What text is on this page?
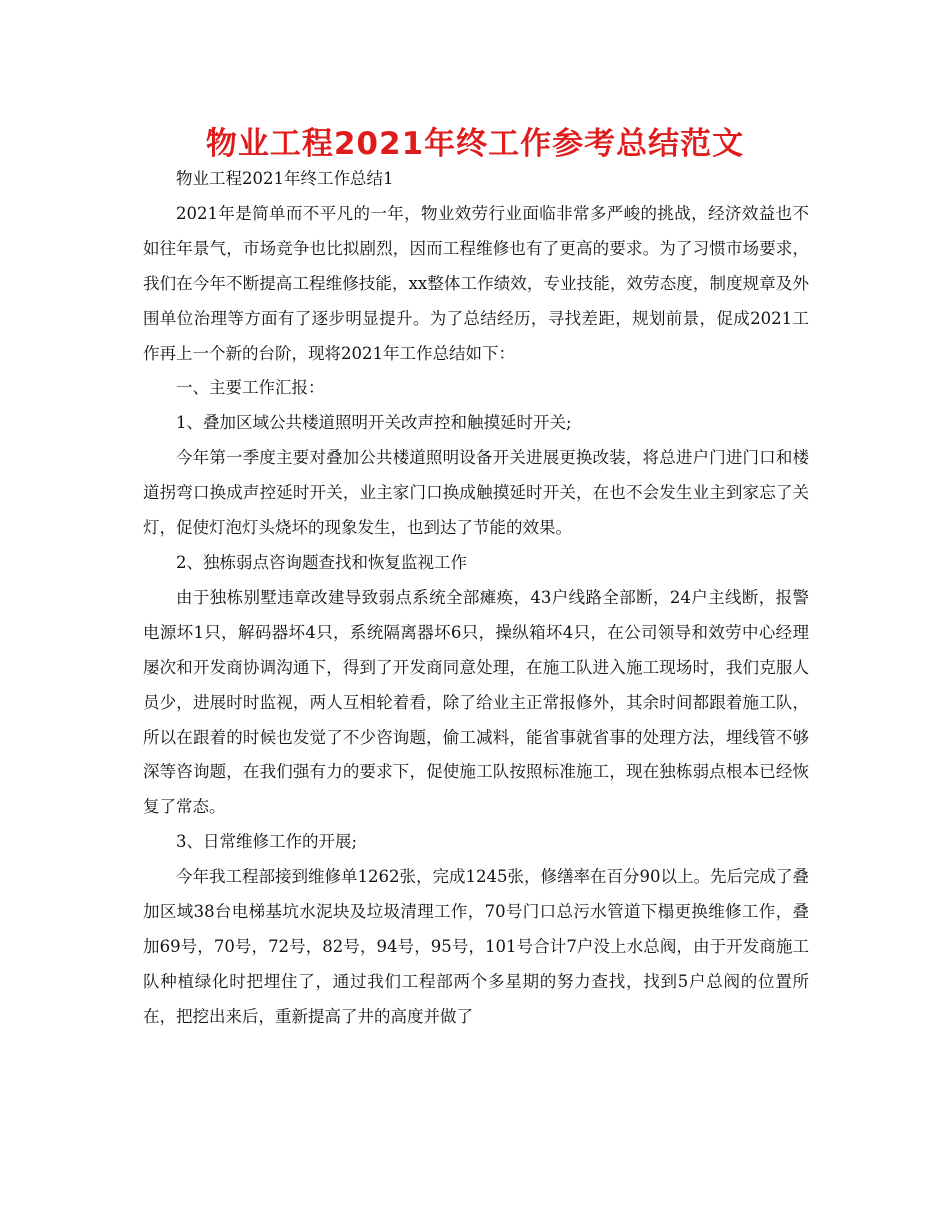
物业工程2021年终工作参考总结范文

物业工程2021年终工作总结1

2021年是简单而不平凡的一年，物业效劳行业面临非常多严峻的挑战，经济效益也不如往年景气，市场竞争也比拟剧烈，因而工程维修也有了更高的要求。为了习惯市场要求，我们在今年不断提高工程维修技能，xx整体工作绩效，专业技能，效劳态度，制度规章及外围单位治理等方面有了逐步明显提升。为了总结经历，寻找差距，规划前景，促成2021工作再上一个新的台阶，现将2021年工作总结如下：

一、主要工作汇报：

1、叠加区域公共楼道照明开关改声控和触摸延时开关;

今年第一季度主要对叠加公共楼道照明设备开关进展更换改装，将总进户门进门口和楼道拐弯口换成声控延时开关，业主家门口换成触摸延时开关，在也不会发生业主到家忘了关灯，促使灯泡灯头烧坏的现象发生，也到达了节能的效果。

2、独栋弱点咨询题查找和恢复监视工作

由于独栋别墅违章改建导致弱点系统全部瘫痪，43户线路全部断，24户主线断，报警电源坏1只，解码器坏4只，系统隔离器坏6只，操纵箱坏4只，在公司领导和效劳中心经理屡次和开发商协调沟通下，得到了开发商同意处理，在施工队进入施工现场时，我们克服人员少，进展时时监视，两人互相轮着看，除了给业主正常报修外，其余时间都跟着施工队，所以在跟着的时候也发觉了不少咨询题，偷工减料，能省事就省事的处理方法，埋线管不够深等咨询题，在我们强有力的要求下，促使施工队按照标准施工，现在独栋弱点根本已经恢复了常态。

3、日常维修工作的开展;

今年我工程部接到维修单1262张，完成1245张，修缮率在百分90以上。先后完成了叠加区域38台电梯基坑水泥块及垃圾清理工作，70号门口总污水管道下榻更换维修工作，叠加69号，70号，72号，82号，94号，95号，101号合计7户没上水总阀，由于开发商施工队种植绿化时把埋住了，通过我们工程部两个多星期的努力查找，找到5户总阀的位置所在，把挖出来后，重新提高了井的高度并做了
